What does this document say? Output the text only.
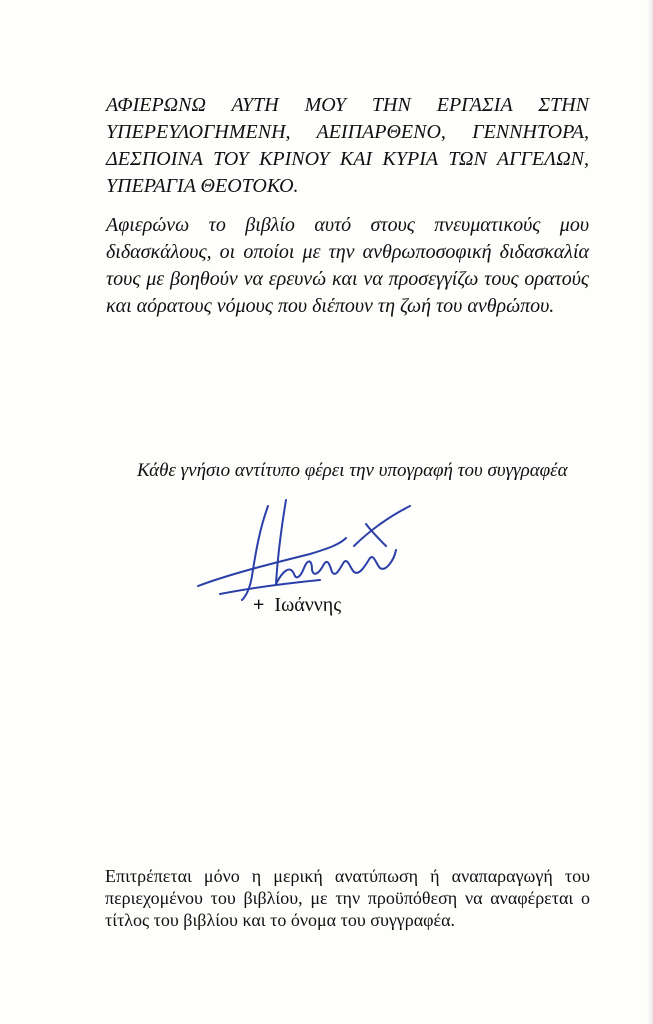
ΑΦΙΕΡΩΝΩ ΑΥΤΗ ΜΟΥ ΤΗΝ ΕΡΓΑΣΙΑ ΣΤΗΝ ΥΠΕΡΕΥΛΟΓΗΜΕΝΗ, ΑΕΙΠΑΡΘΕΝΟ, ΓΕΝΝΗΤΟΡΑ, ΔΕΣΠΟΙΝΑ ΤΟΥ ΚΡΙΝΟΥ ΚΑΙ ΚΥΡΙΑ ΤΩΝ ΑΓΓΕΛΩΝ, ΥΠΕΡΑΓΙΑ ΘΕΟΤΟΚΟ.
Αφιερώνω το βιβλίο αυτό στους πνευματικούς μου διδασκάλους, οι οποίοι με την ανθρωποσοφική διδασκαλία τους με βοηθούν να ερευνώ και να προσεγγίζω τους ορατούς και αόρατους νόμους που διέπουν τη ζωή του ανθρώπου.
Κάθε γνήσιο αντίτυπο φέρει την υπογραφή του συγγραφέα
+ Ιωάννης
Επιτρέπεται μόνο η μερική ανατύπωση ή αναπαραγωγή του περιεχομένου του βιβλίου, με την προϋπόθεση να αναφέρεται ο τίτλος του βιβλίου και το όνομα του συγγραφέα.
